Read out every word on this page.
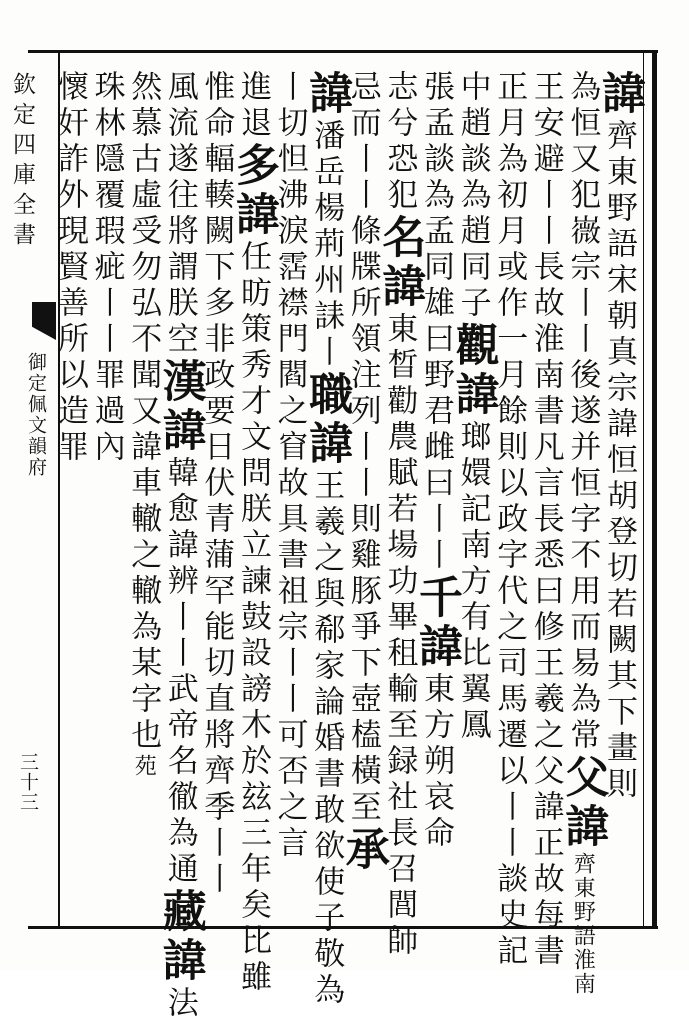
欽定四庫全書
御定佩文韻府
三十三
諱齊東野語宋朝真宗諱恒胡登切若闕其下畫則
為恒又犯嶶宗丨丨後遂并恒字不用而易為常父諱齊東野語淮南
王安避丨丨長故淮南書凡言長悉曰修王羲之父諱正故每書
正月為初月或作一月餘則以政字代之司馬遷以丨丨談史記
中趙談為趙同子觀諱瑯嬛記南方有比翼鳳
張孟談為孟同雄曰野君雌曰丨丨千諱東方朔哀命
志兮恐犯名諱東晳勸農賦若場功畢租輸至録社長召閭師
忌而丨丨條牒所領注列丨丨則雞豚爭下壺榼橫至承
諱潘岳楊荊州誄丨職諱王羲之與郗家論婚書敢欲使子敬為
丨切怛沸淚霑襟門閻之窅故具書祖宗丨丨可否之言
進退多諱任昉策秀才文問朕立諫鼓設謗木於玆三年矣比雖
惟命輻輳闕下多非政要日伏青蒲罕能切直將齊季丨丨
風流遂往將謂朕空漢諱韓愈諱辨丨丨武帝名徹為通藏諱法
然慕古虛受勿弘不聞又諱車轍之轍為某字也苑
珠林隱覆瑕疵丨丨罪過內
懷奸詐外現賢善所以造罪
